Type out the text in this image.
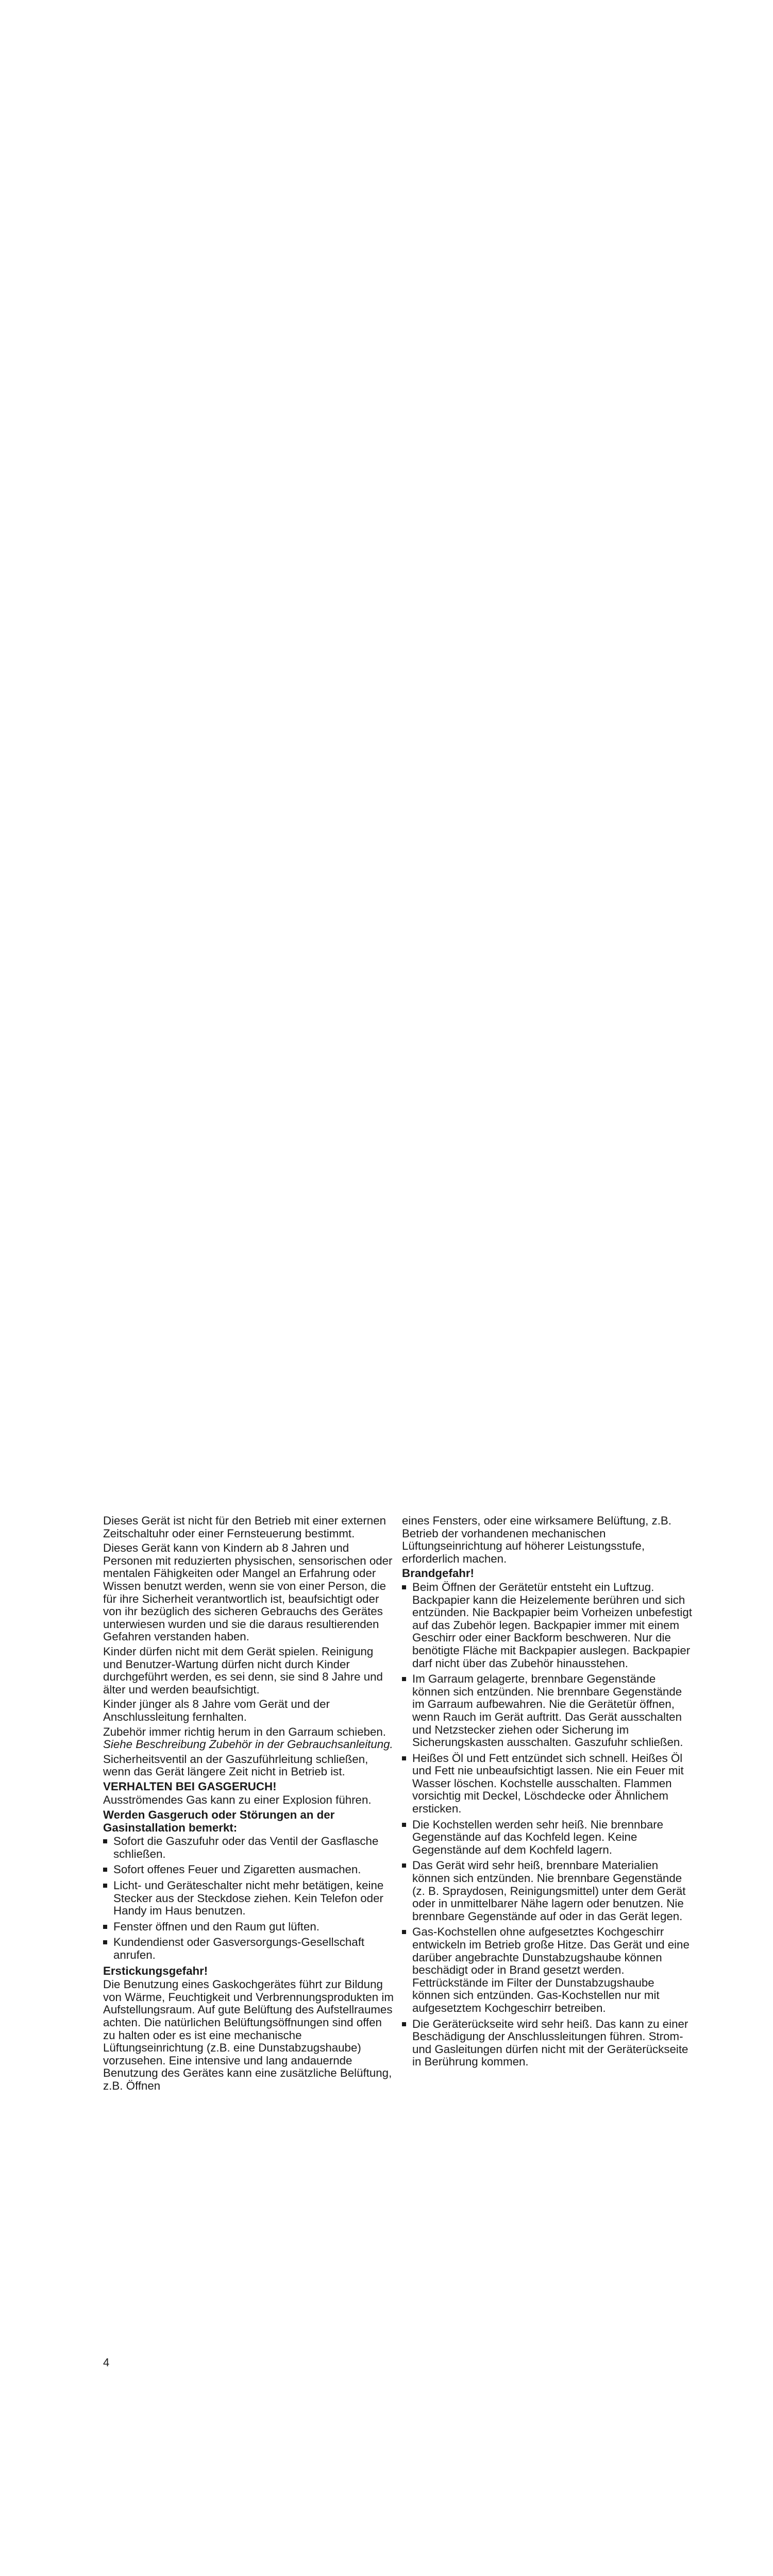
Dieses Gerät ist nicht für den Betrieb mit einer externen Zeitschaltuhr oder einer Fernsteuerung bestimmt.

Dieses Gerät kann von Kindern ab 8 Jahren und Personen mit reduzierten physischen, sensorischen oder mentalen Fähigkeiten oder Mangel an Erfahrung oder Wissen benutzt werden, wenn sie von einer Person, die für ihre Sicherheit verantwortlich ist, beaufsichtigt oder von ihr bezüglich des sicheren Gebrauchs des Gerätes unterwiesen wurden und sie die daraus resultierenden Gefahren verstanden haben.

Kinder dürfen nicht mit dem Gerät spielen. Reinigung und Benutzer-Wartung dürfen nicht durch Kinder durchgeführt werden, es sei denn, sie sind 8 Jahre und älter und werden beaufsichtigt.

Kinder jünger als 8 Jahre vom Gerät und der Anschlussleitung fernhalten.

Zubehör immer richtig herum in den Garraum schieben. Siehe Beschreibung Zubehör in der Gebrauchsanleitung.

Sicherheitsventil an der Gaszuführleitung schließen, wenn das Gerät längere Zeit nicht in Betrieb ist.

VERHALTEN BEI GASGERUCH!

Ausströmendes Gas kann zu einer Explosion führen.

Werden Gasgeruch oder Störungen an der Gasinstallation bemerkt:

Sofort die Gaszufuhr oder das Ventil der Gasflasche schließen.
Sofort offenes Feuer und Zigaretten ausmachen.
Licht- und Geräteschalter nicht mehr betätigen, keine Stecker aus der Steckdose ziehen. Kein Telefon oder Handy im Haus benutzen.
Fenster öffnen und den Raum gut lüften.
Kundendienst oder Gasversorgungs-Gesellschaft anrufen.

Erstickungsgefahr!

Die Benutzung eines Gaskochgerätes führt zur Bildung von Wärme, Feuchtigkeit und Verbrennungsprodukten im Aufstellungsraum. Auf gute Belüftung des Aufstellraumes achten. Die natürlichen Belüftungsöffnungen sind offen zu halten oder es ist eine mechanische Lüftungseinrichtung (z.B. eine Dunstabzugshaube) vorzusehen. Eine intensive und lang andauernde Benutzung des Gerätes kann eine zusätzliche Belüftung, z.B. Öffnen

eines Fensters, oder eine wirksamere Belüftung, z.B. Betrieb der vorhandenen mechanischen Lüftungseinrichtung auf höherer Leistungsstufe, erforderlich machen.

Brandgefahr!

Beim Öffnen der Gerätetür entsteht ein Luftzug. Backpapier kann die Heizelemente berühren und sich entzünden. Nie Backpapier beim Vorheizen unbefestigt auf das Zubehör legen. Backpapier immer mit einem Geschirr oder einer Backform beschweren. Nur die benötigte Fläche mit Backpapier auslegen. Backpapier darf nicht über das Zubehör hinausstehen.
Im Garraum gelagerte, brennbare Gegenstände können sich entzünden. Nie brennbare Gegenstände im Garraum aufbewahren. Nie die Gerätetür öffnen, wenn Rauch im Gerät auftritt. Das Gerät ausschalten und Netzstecker ziehen oder Sicherung im Sicherungskasten ausschalten. Gaszufuhr schließen.
Heißes Öl und Fett entzündet sich schnell. Heißes Öl und Fett nie unbeaufsichtigt lassen. Nie ein Feuer mit Wasser löschen. Kochstelle ausschalten. Flammen vorsichtig mit Deckel, Löschdecke oder Ähnlichem ersticken.
Die Kochstellen werden sehr heiß. Nie brennbare Gegenstände auf das Kochfeld legen. Keine Gegenstände auf dem Kochfeld lagern.
Das Gerät wird sehr heiß, brennbare Materialien können sich entzünden. Nie brennbare Gegenstände (z. B. Spraydosen, Reinigungsmittel) unter dem Gerät oder in unmittelbarer Nähe lagern oder benutzen. Nie brennbare Gegenstände auf oder in das Gerät legen.
Gas-Kochstellen ohne aufgesetztes Kochgeschirr entwickeln im Betrieb große Hitze. Das Gerät und eine darüber angebrachte Dunstabzugshaube können beschädigt oder in Brand gesetzt werden. Fettrückstände im Filter der Dunstabzugshaube können sich entzünden. Gas-Kochstellen nur mit aufgesetztem Kochgeschirr betreiben.
Die Geräterückseite wird sehr heiß. Das kann zu einer Beschädigung der Anschlussleitungen führen. Strom- und Gasleitungen dürfen nicht mit der Geräterückseite in Berührung kommen.
4
